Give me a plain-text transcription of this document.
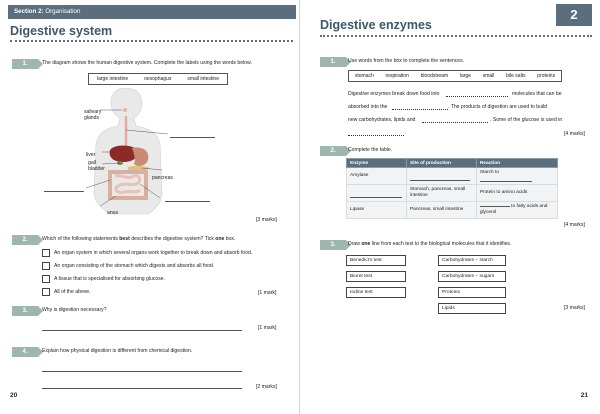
Section 2: Organisation
Digestive system
1.	The diagram shows the human digestive system. Complete the labels using the words below.
large intestine	oesophagus	small intestine
salivary glands
liver
gall bladder
pancreas
anus
[3 marks]
2.	Which of the following statements best describes the digestive system? Tick one box.
An organ system in which several organs work together to break down and absorb food.
An organ consisting of the stomach which digests and absorbs all food.
A tissue that is specialised for absorbing glucose.
All of the above.	[1 mark]
3.	Why is digestion necessary?
[1 mark]
4.	Explain how physical digestion is different from chemical digestion.
[2 marks]
20
2
Digestive enzymes
1.	Use words from the box to complete the sentences.
stomach respiration bloodstream large small bile salts proteins
Digestive enzymes break down food into	molecules that can be
absorbed into the	. The products of digestion are used to build
new carbohydrates, lipids and	. Some of the glucose is used in
.	[4 marks]
2.	Complete the table.
Enzyme	Site of production	Reaction
Amylase		Starch to

	Stomach, pancreas, small intestine	Protein to amino acids
Lipase	Pancreas, small intestine	to fatty acids and glycerol
[4 marks]
3.	Draw one line from each test to the biological molecules that it identifies.
Benedict's test
Biuret test
Iodine test
Carbohydrates – starch
Carbohydrates – sugars
Proteins
Lipids	[3 marks]
21
